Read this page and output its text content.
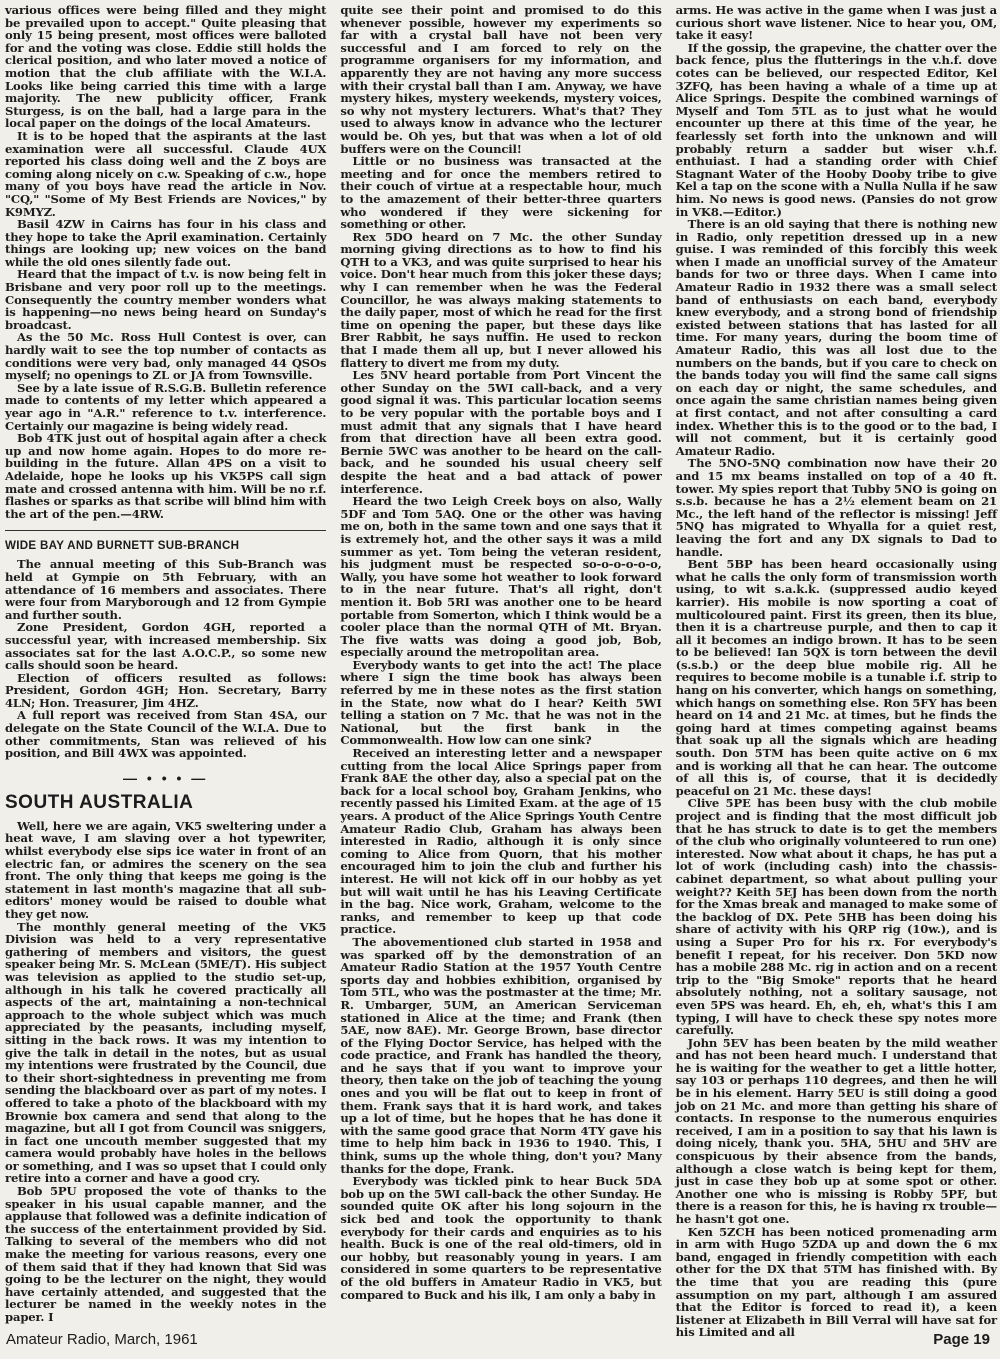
various offices were being filled and they might be prevailed upon to accept." Quite pleasing that only 15 being present, most offices were balloted for and the voting was close. Eddie still holds the clerical position, and who later moved a notice of motion that the club affiliate with the W.I.A. Looks like being carried this time with a large majority. The new publicity officer, Frank Sturgess, is on the ball, had a large para in the local paper on the doings of the local Amateurs.

It is to be hoped that the aspirants at the last examination were all successful. Claude 4UX reported his class doing well and the Z boys are coming along nicely on c.w. Speaking of c.w., hope many of you boys have read the article in Nov. "CQ," "Some of My Best Friends are Novices," by K9MYZ.

Basil 4ZW in Cairns has four in his class and they hope to take the April examination. Certainly things are looking up; new voices on the band while the old ones silently fade out.

Heard that the impact of t.v. is now being felt in Brisbane and very poor roll up to the meetings. Consequently the country member wonders what is happening—no news being heard on Sunday's broadcast.

As the 50 Mc. Ross Hull Contest is over, can hardly wait to see the top number of contacts as conditions were very bad, only managed 44 QSOs myself; no openings to ZL or JA from Townsville.

See by a late issue of R.S.G.B. Bulletin reference made to contents of my letter which appeared a year ago in "A.R." reference to t.v. interference. Certainly our magazine is being widely read.

Bob 4TK just out of hospital again after a check up and now home again. Hopes to do more re-building in the future. Allan 4PS on a visit to Adelaide, hope he looks up his VK5PS call sign mate and crossed antenna with him. Will be no r.f. flashes or sparks as that scribe will blind him with the art of the pen.—4RW.

WIDE BAY AND BURNETT SUB-BRANCH

The annual meeting of this Sub-Branch was held at Gympie on 5th February, with an attendance of 16 members and associates. There were four from Maryborough and 12 from Gympie and further south.

Zone President, Gordon 4GH, reported a successful year, with increased membership. Six associates sat for the last A.O.C.P., so some new calls should soon be heard.

Election of officers resulted as follows: President, Gordon 4GH; Hon. Secretary, Barry 4LN; Hon. Treasurer, Jim 4HZ.

A full report was received from Stan 4SA, our delegate on the State Council of the W.I.A. Due to other commitments, Stan was relieved of his position, and Bill 4WX was appointed.

— • • • —
SOUTH AUSTRALIA

Well, here we are again, VK5 sweltering under a heat wave, I am slaving over a hot typewriter, whilst everybody else sips ice water in front of an electric fan, or admires the scenery on the sea front. The only thing that keeps me going is the statement in last month's magazine that all sub-editors' money would be raised to double what they get now.

The monthly general meeting of the VK5 Division was held to a very representative gathering of members and visitors, the guest speaker being Mr. S. McLean (5ME/T). His subject was television as applied to the studio set-up, although in his talk he covered practically all aspects of the art, maintaining a non-technical approach to the whole subject which was much appreciated by the peasants, including myself, sitting in the back rows. It was my intention to give the talk in detail in the notes, but as usual my intentions were frustrated by the Council, due to their short-sightedness in preventing me from sending the blackboard over as part of my notes. I offered to take a photo of the blackboard with my Brownie box camera and send that along to the magazine, but all I got from Council was sniggers, in fact one uncouth member suggested that my camera would probably have holes in the bellows or something, and I was so upset that I could only retire into a corner and have a good cry.

Bob 5PU proposed the vote of thanks to the speaker in his usual capable manner, and the applause that followed was a definite indication of the success of the entertainment provided by Sid. Talking to several of the members who did not make the meeting for various reasons, every one of them said that if they had known that Sid was going to be the lecturer on the night, they would have certainly attended, and suggested that the lecturer be named in the weekly notes in the paper. I

quite see their point and promised to do this whenever possible, however my experiments so far with a crystal ball have not been very successful and I am forced to rely on the programme organisers for my information, and apparently they are not having any more success with their crystal ball than I am. Anyway, we have mystery hikes, mystery weekends, mystery voices, so why not mystery lecturers. What's that? They used to always know in advance who the lecturer would be. Oh yes, but that was when a lot of old buffers were on the Council!

Little or no business was transacted at the meeting and for once the members retired to their couch of virtue at a respectable hour, much to the amazement of their better-three quarters who wondered if they were sickening for something or other.

Rex 5DO heard on 7 Mc. the other Sunday morning giving directions as to how to find his QTH to a VK3, and was quite surprised to hear his voice. Don't hear much from this joker these days; why I can remember when he was the Federal Councillor, he was always making statements to the daily paper, most of which he read for the first time on opening the paper, but these days like Brer Rabbit, he says nuffin. He used to reckon that I made them all up, but I never allowed his flattery to divert me from my duty.

Les 5NV heard portable from Port Vincent the other Sunday on the 5WI call-back, and a very good signal it was. This particular location seems to be very popular with the portable boys and I must admit that any signals that I have heard from that direction have all been extra good. Bernie 5WC was another to be heard on the call-back, and he sounded his usual cheery self despite the heat and a bad attack of power interference.

Heard the two Leigh Creek boys on also, Wally 5DF and Tom 5AQ. One or the other was having me on, both in the same town and one says that it is extremely hot, and the other says it was a mild summer as yet. Tom being the veteran resident, his judgment must be respected so-o-o-o-o-o, Wally, you have some hot weather to look forward to in the near future. That's all right, don't mention it. Bob 5RI was another one to be heard portable from Somerton, which I think would be a cooler place than the normal QTH of Mt. Bryan. The five watts was doing a good job, Bob, especially around the metropolitan area.

Everybody wants to get into the act! The place where I sign the time book has always been referred by me in these notes as the first station in the State, now what do I hear? Keith 5WI telling a station on 7 Mc. that he was not in the National, but the first bank in the Commonwealth. How low can one sink?

Received an interesting letter and a newspaper cutting from the local Alice Springs paper from Frank 8AE the other day, also a special pat on the back for a local school boy, Graham Jenkins, who recently passed his Limited Exam. at the age of 15 years. A product of the Alice Springs Youth Centre Amateur Radio Club, Graham has always been interested in Radio, although it is only since coming to Alice from Quorn, that his mother encouraged him to join the club and further his interest. He will not kick off in our hobby as yet but will wait until he has his Leaving Certificate in the bag. Nice work, Graham, welcome to the ranks, and remember to keep up that code practice.

The abovementioned club started in 1958 and was sparked off by the demonstration of an Amateur Radio Station at the 1957 Youth Centre sports day and hobbies exhibition, organised by Tom 5TL, who was the postmaster at the time; Mr. R. Umbarger, 5UM, an American Serviceman stationed in Alice at the time; and Frank (then 5AE, now 8AE). Mr. George Brown, base director of the Flying Doctor Service, has helped with the code practice, and Frank has handled the theory, and he says that if you want to improve your theory, then take on the job of teaching the young ones and you will be flat out to keep in front of them. Frank says that it is hard work, and takes up a lot of time, but he hopes that he has done it with the same good grace that Norm 4TY gave his time to help him back in 1936 to 1940. This, I think, sums up the whole thing, don't you? Many thanks for the dope, Frank.

Everybody was tickled pink to hear Buck 5DA bob up on the 5WI call-back the other Sunday. He sounded quite OK after his long sojourn in the sick bed and took the opportunity to thank everybody for their cards and enquiries as to his health. Buck is one of the real old-timers, old in our hobby, but reasonably young in years. I am considered in some quarters to be representative of the old buffers in Amateur Radio in VK5, but compared to Buck and his ilk, I am only a baby in

arms. He was active in the game when I was just a curious short wave listener. Nice to hear you, OM, take it easy!

If the gossip, the grapevine, the chatter over the back fence, plus the flutterings in the v.h.f. dove cotes can be believed, our respected Editor, Kel 3ZFQ, has been having a whale of a time up at Alice Springs. Despite the combined warnings of Myself and Tom 5TL as to just what he would encounter up there at this time of the year, he fearlessly set forth into the unknown and will probably return a sadder but wiser v.h.f. enthuiast. I had a standing order with Chief Stagnant Water of the Hooby Dooby tribe to give Kel a tap on the scone with a Nulla Nulla if he saw him. No news is good news. (Pansies do not grow in VK8.—Editor.)

There is an old saying that there is nothing new in Radio, only repetition dressed up in a new guise. I was reminded of this forcibly this week when I made an unofficial survey of the Amateur bands for two or three days. When I came into Amateur Radio in 1932 there was a small select band of enthusiasts on each band, everybody knew everybody, and a strong bond of friendship existed between stations that has lasted for all time. For many years, during the boom time of Amateur Radio, this was all lost due to the numbers on the bands, but if you care to check on the bands today you will find the same call signs on each day or night, the same schedules, and once again the same christian names being given at first contact, and not after consulting a card index. Whether this is to the good or to the bad, I will not comment, but it is certainly good Amateur Radio.

The 5NO-5NQ combination now have their 20 and 15 mx beams installed on top of a 40 ft. tower. My spies report that Tubby 5NO is going on s.s.b. because he has a 2½ element beam on 21 Mc., the left hand of the reflector is missing! Jeff 5NQ has migrated to Whyalla for a quiet rest, leaving the fort and any DX signals to Dad to handle.

Bent 5BP has been heard occasionally using what he calls the only form of transmission worth using, to wit s.a.k.k. (suppressed audio keyed karrier). His mobile is now sporting a coat of multicoloured paint. First its green, then its blue, then it is a chartreuse purple, and then to cap it all it becomes an indigo brown. It has to be seen to be believed! Ian 5QX is torn between the devil (s.s.b.) or the deep blue mobile rig. All he requires to become mobile is a tunable i.f. strip to hang on his converter, which hangs on something, which hangs on something else. Ron 5FY has been heard on 14 and 21 Mc. at times, but he finds the going hard at times competing against beams that soak up all the signals which are heading south. Don 5TM has been quite active on 6 mx and is working all that he can hear. The outcome of all this is, of course, that it is decidedly peaceful on 21 Mc. these days!

Clive 5PE has been busy with the club mobile project and is finding that the most difficult job that he has struck to date is to get the members of the club who originally volunteered to run one) interested. Now what about it chaps, he has put a lot of work (including cash) into the chassis-cabinet department, so what about pulling your weight?? Keith 5EJ has been down from the north for the Xmas break and managed to make some of the backlog of DX. Pete 5HB has been doing his share of activity with his QRP rig (10w.), and is using a Super Pro for his rx. For everybody's benefit I repeat, for his receiver. Don 5KD now has a mobile 288 Mc. rig in action and on a recent trip to the "Big Smoke" reports that he heard absolutely nothing, not a solitary sausage, not even 5PS was heard. Eh, eh, eh, what's this I am typing, I will have to check these spy notes more carefully.

John 5EV has been beaten by the mild weather and has not been heard much. I understand that he is waiting for the weather to get a little hotter, say 103 or perhaps 110 degrees, and then he will be in his element. Harry 5EU is still doing a good job on 21 Mc. and more than getting his share of contacts. In response to the numerous enquiries received, I am in a position to say that his lawn is doing nicely, thank you. 5HA, 5HU and 5HV are conspicuous by their absence from the bands, although a close watch is being kept for them, just in case they bob up at some spot or other. Another one who is missing is Robby 5PF, but there is a reason for this, he is having rx trouble—he hasn't got one.

Ken 5ZCH has been noticed promenading arm in arm with Hugo 5ZDA up and down the 6 mx band, engaged in friendly competition with each other for the DX that 5TM has finished with. By the time that you are reading this (pure assumption on my part, although I am assured that the Editor is forced to read it), a keen listener at Elizabeth in Bill Verral will have sat for his Limited and all

Amateur Radio, March, 1961	Page 19
